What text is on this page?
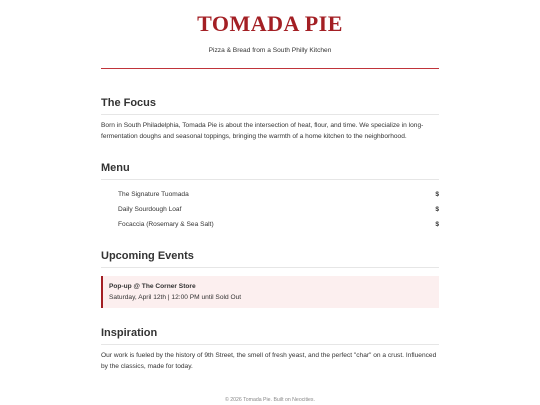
TOMADA PIE
Pizza & Bread from a South Philly Kitchen
The Focus

Born in South Philadelphia, Tomada Pie is about the intersection of heat, flour, and time. We specialize in long-fermentation doughs and seasonal toppings, bringing the warmth of a home kitchen to the neighborhood.

Menu
The Signature Tuomada	$
Daily Sourdough Loaf	$
Focaccia (Rosemary & Sea Salt)	$
Upcoming Events
Pop-up @ The Corner Store
Saturday, April 12th | 12:00 PM until Sold Out
Inspiration

Our work is fueled by the history of 9th Street, the smell of fresh yeast, and the perfect "char" on a crust. Influenced by the classics, made for today.

© 2026 Tomada Pie. Built on Neocities.
